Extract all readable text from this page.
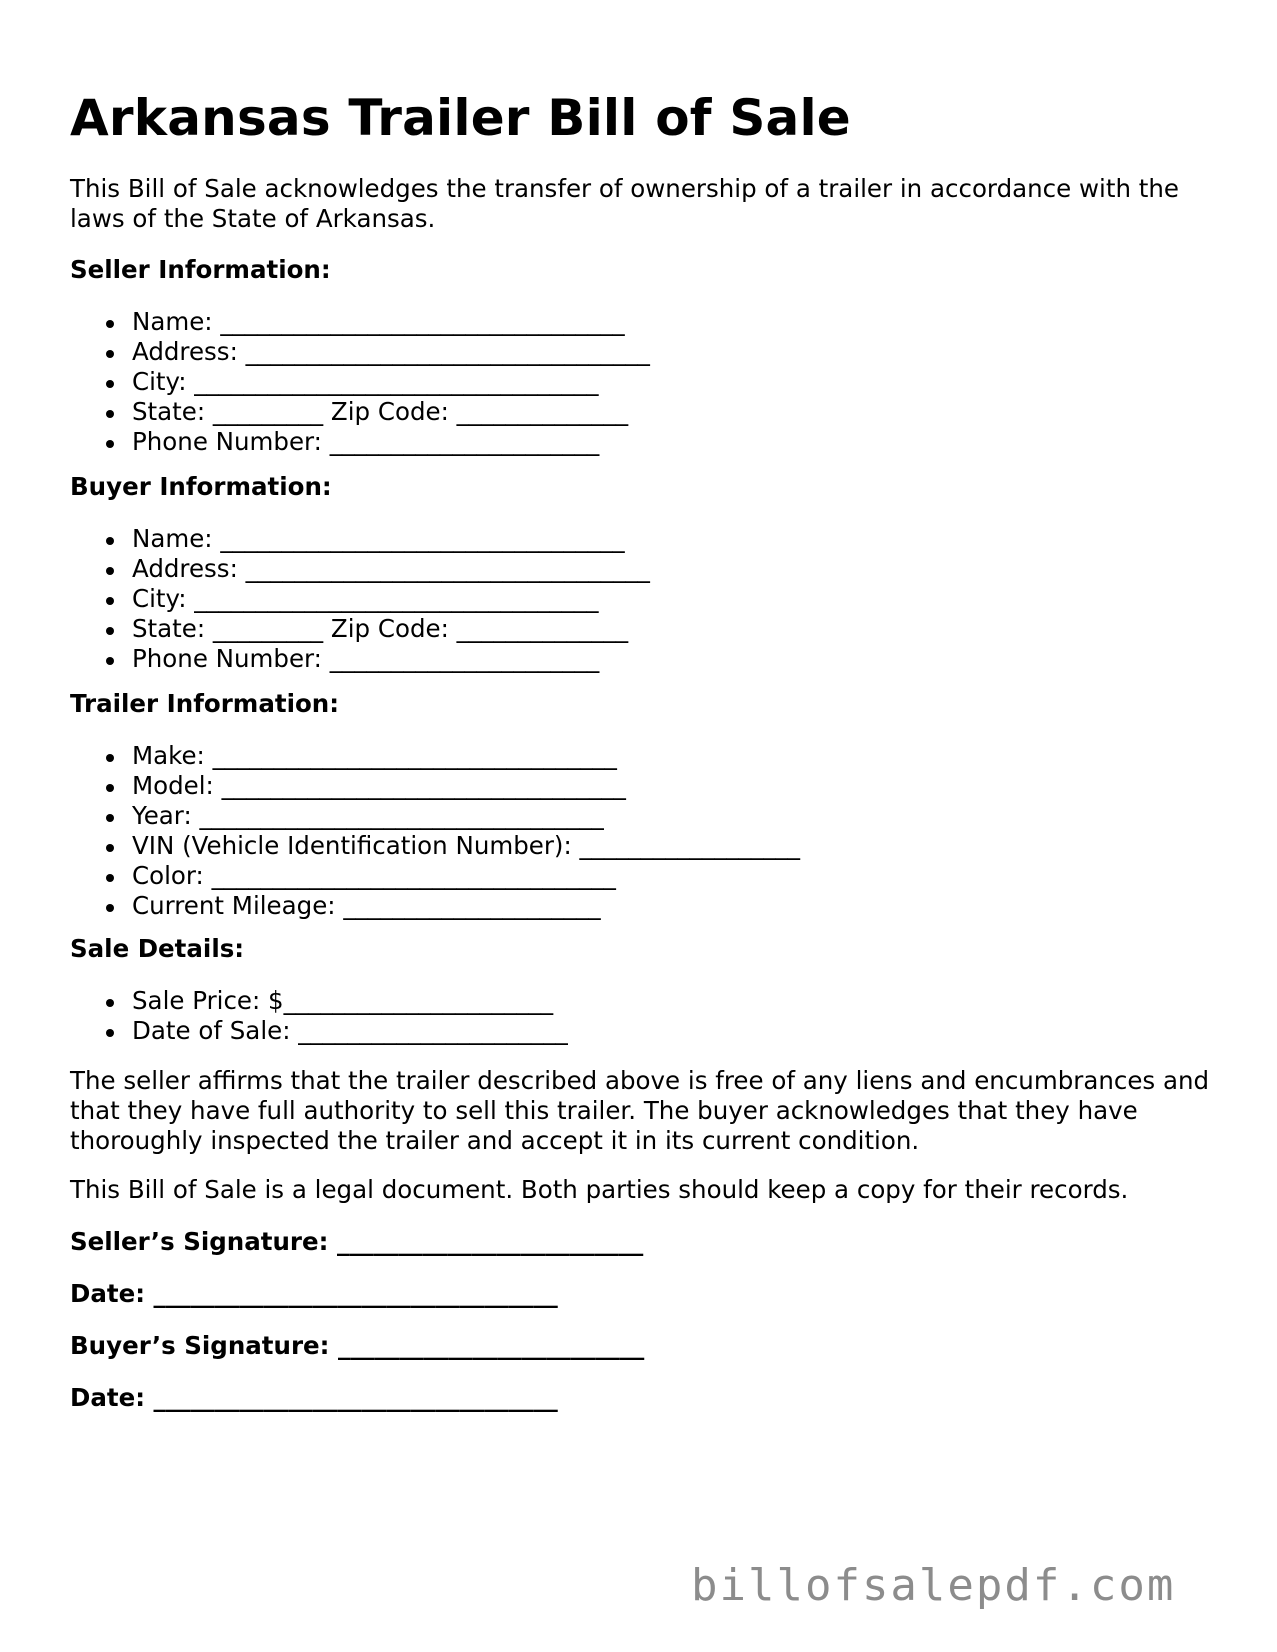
Arkansas Trailer Bill of Sale

This Bill of Sale acknowledges the transfer of ownership of a trailer in accordance with the laws of the State of Arkansas.

Seller Information:
Name: _________________________________
Address: _________________________________
City: _________________________________
State: _________ Zip Code: ______________
Phone Number: ______________________
Buyer Information:
Name: _________________________________
Address: _________________________________
City: _________________________________
State: _________ Zip Code: ______________
Phone Number: ______________________
Trailer Information:
Make: _________________________________
Model: _________________________________
Year: _________________________________
VIN (Vehicle Identification Number): __________________
Color: _________________________________
Current Mileage: _____________________
Sale Details:
Sale Price: $______________________
Date of Sale: ______________________

The seller affirms that the trailer described above is free of any liens and encumbrances and that they have full authority to sell this trailer. The buyer acknowledges that they have thoroughly inspected the trailer and accept it in its current condition.

This Bill of Sale is a legal document. Both parties should keep a copy for their records.

Seller’s Signature: _________________________
Date: _________________________________
Buyer’s Signature: _________________________
Date: _________________________________
billofsalepdf.com
